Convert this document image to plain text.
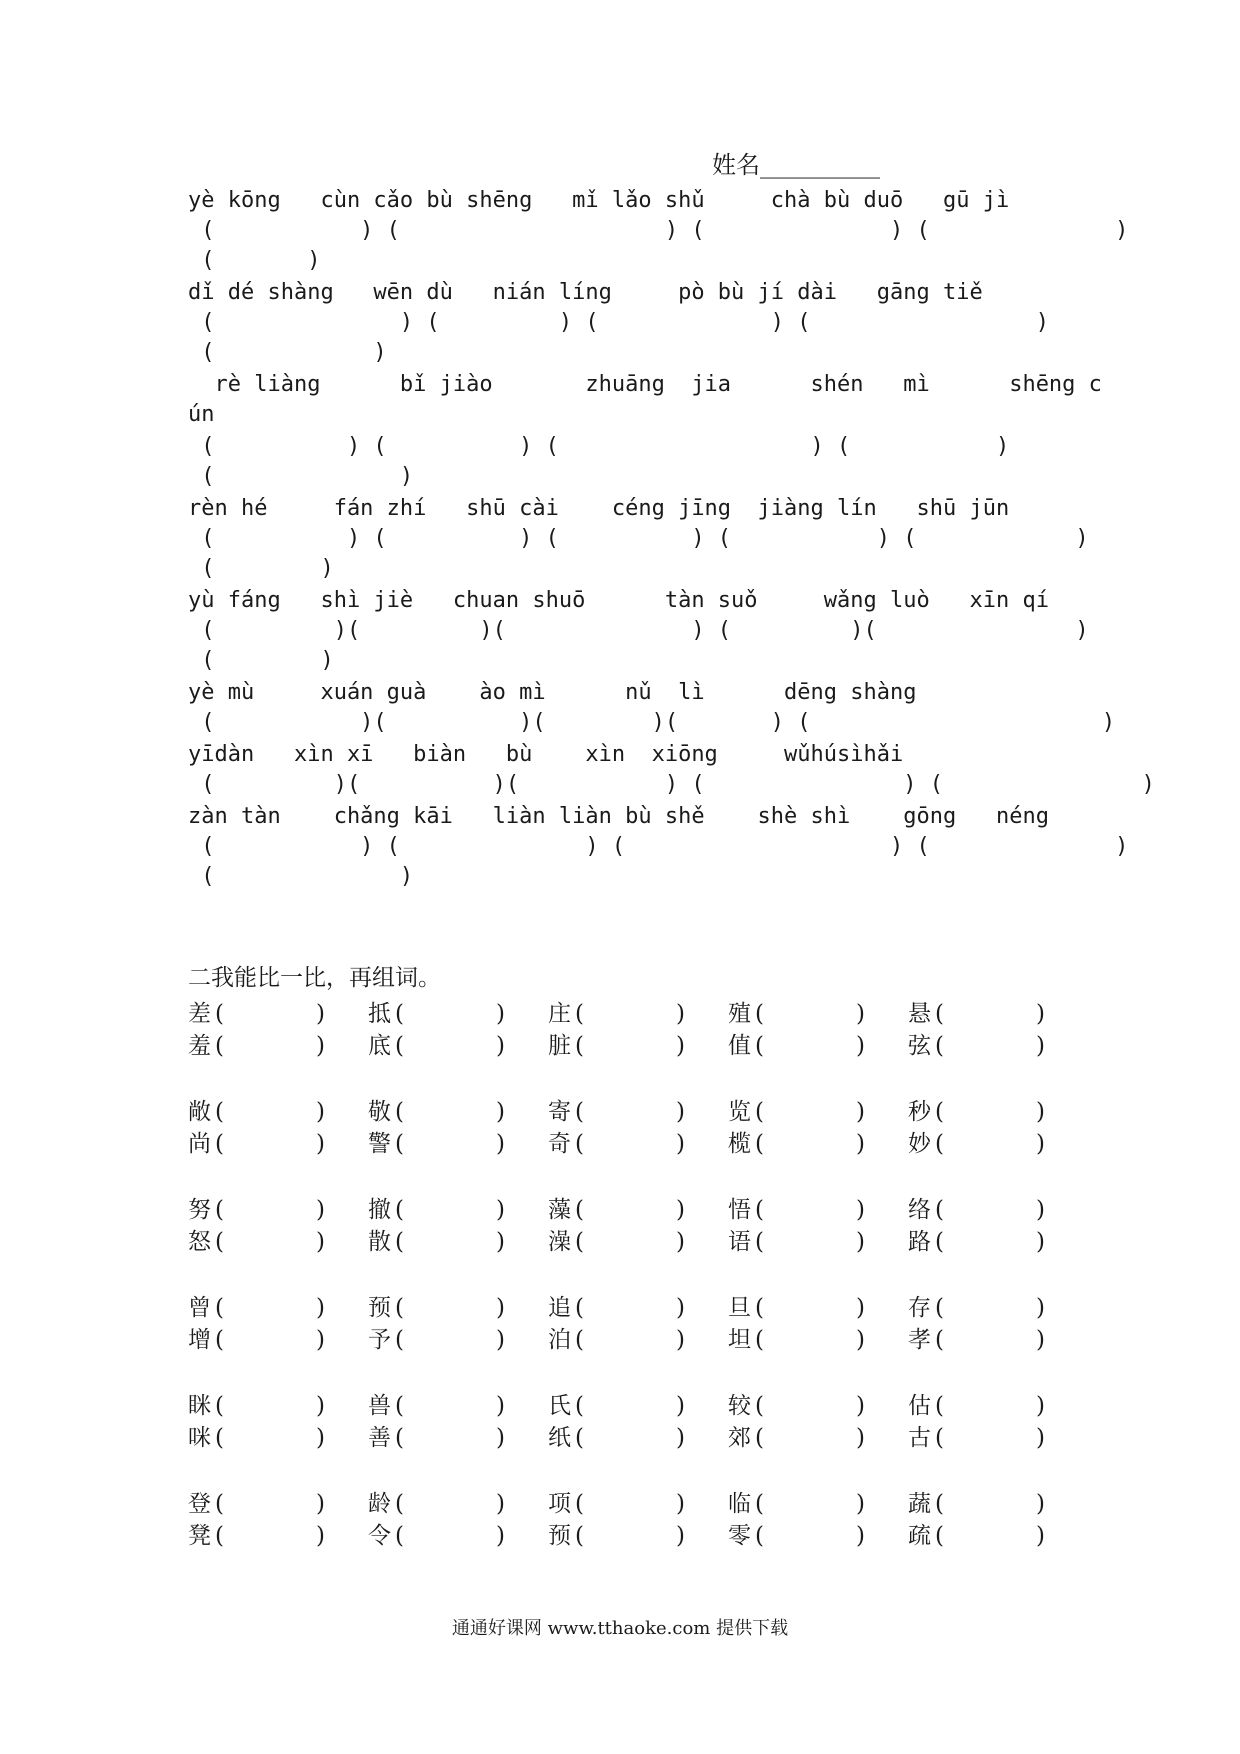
姓名__________
yè kōng   cùn cǎo bù shēng   mǐ lǎo shǔ     chà bù duō   gū jì
(           ) (                    ) (              ) (              )
(       )
dǐ dé shàng   wēn dù   nián líng     pò bù jí dài   gāng tiě
(              ) (         ) (             ) (                 )
(            )
rè liàng      bǐ jiào       zhuāng  jia      shén   mì      shēng c
ún
(          ) (          ) (                   ) (           )
(              )
rèn hé     fán zhí   shū cài    céng jīng  jiàng lín   shū jūn
(          ) (          ) (          ) (           ) (            )
(        )
yù fáng   shì jiè   chuan shuō      tàn suǒ     wǎng luò   xīn qí
(         )(         )(              ) (         )(               )
(        )
yè mù     xuán guà    ào mì      nǔ  lì      dēng shàng
(           )(          )(        )(       ) (                      )
yīdàn   xìn xī   biàn   bù    xìn  xiōng     wǔhúsìhǎi
(         )(          )(           ) (               ) (               )
zàn tàn    chǎng kāi   liàn liàn bù shě    shè shì    gōng   néng
(           ) (              ) (                    ) (              )
(              )
二我能比一比，再组词。
差 (	) 抵 (	) 庄 (	) 殖 (	) 悬 (	)
羞 (	) 底 (	) 脏 (	) 值 (	) 弦 (	)
敞 (	) 敬 (	) 寄 (	) 览 (	) 秒 (	)
尚 (	) 警 (	) 奇 (	) 榄 (	) 妙 (	)
努 (	) 撤 (	) 藻 (	) 悟 (	) 络 (	)
怒 (	) 散 (	) 澡 (	) 语 (	) 路 (	)
曾 (	) 预 (	) 追 (	) 旦 (	) 存 (	)
增 (	) 予 (	) 泊 (	) 坦 (	) 孝 (	)
眯 (	) 兽 (	) 氏 (	) 较 (	) 估 (	)
咪 (	) 善 (	) 纸 (	) 郊 (	) 古 (	)
登 (	) 龄 (	) 项 (	) 临 (	) 蔬 (	)
凳 (	) 令 (	) 预 (	) 零 (	) 疏 (	)
通通好课网 www.tthaoke.com 提供下载
